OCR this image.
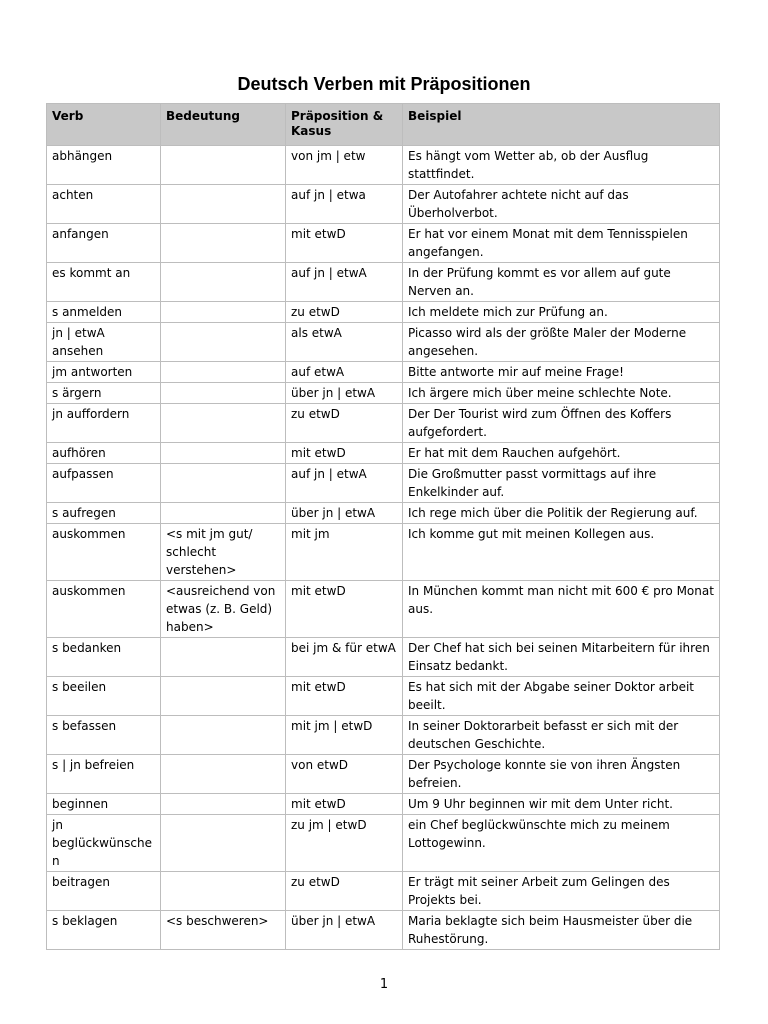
Deutsch Verben mit Präpositionen
Verb	Bedeutung	Präposition & Kasus	Beispiel
abhängen		von jm | etw	Es hängt vom Wetter ab, ob der Ausflug stattfindet.
achten		auf jn | etwa	Der Autofahrer achtete nicht auf das Überholverbot.
anfangen		mit etwD	Er hat vor einem Monat mit dem Tennisspielen angefangen.
es kommt an		auf jn | etwA	In der Prüfung kommt es vor allem auf gute Nerven an.
s anmelden		zu etwD	Ich meldete mich zur Prüfung an.
jn | etwA ansehen		als etwA	Picasso wird als der größte Maler der Moderne angesehen.
jm antworten		auf etwA	Bitte antworte mir auf meine Frage!
s ärgern		über jn | etwA	Ich ärgere mich über meine schlechte Note.
jn auffordern		zu etwD	Der Der Tourist wird zum Öffnen des Koffers aufgefordert.
aufhören		mit etwD	Er hat mit dem Rauchen aufgehört.
aufpassen		auf jn | etwA	Die Großmutter passt vormittags auf ihre Enkelkinder auf.
s aufregen		über jn | etwA	Ich rege mich über die Politik der Regierung auf.
auskommen	<s mit jm gut/ schlecht verstehen>	mit jm	Ich komme gut mit meinen Kollegen aus.
auskommen	<ausreichend von etwas (z. B. Geld) haben>	mit etwD	In München kommt man nicht mit 600 € pro Monat aus.
s bedanken		bei jm & für etwA	Der Chef hat sich bei seinen Mitarbeitern für ihren Einsatz bedankt.
s beeilen		mit etwD	Es hat sich mit der Abgabe seiner Doktor arbeit beeilt.
s befassen		mit jm | etwD	In seiner Doktorarbeit befasst er sich mit der deutschen Geschichte.
s | jn befreien		von etwD	Der Psychologe konnte sie von ihren Ängsten befreien.
beginnen		mit etwD	Um 9 Uhr beginnen wir mit dem Unter richt.
jn beglückwünschen		zu jm | etwD	ein Chef beglückwünschte mich zu meinem Lottogewinn.
beitragen		zu etwD	Er trägt mit seiner Arbeit zum Gelingen des Projekts bei.
s beklagen	<s beschweren>	über jn | etwA	Maria beklagte sich beim Hausmeister über die Ruhestörung.
1
